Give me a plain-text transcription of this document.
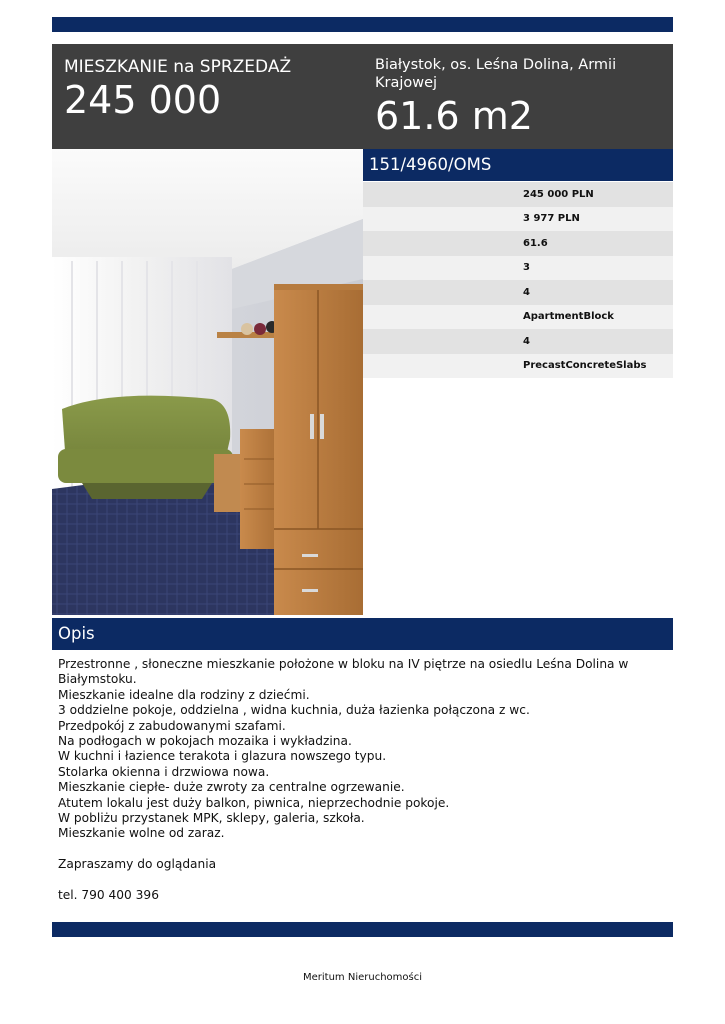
MIESZKANIE na SPRZEDAŻ
245 000
Białystok, os. Leśna Dolina, Armii Krajowej
61.6 m2
151/4960/OMS
245 000 PLN
3 977 PLN
61.6
3
4
ApartmentBlock
4
PrecastConcreteSlabs
Opis
Przestronne , słoneczne mieszkanie położone w bloku na IV piętrze na osiedlu Leśna Dolina w Białymstoku.
Mieszkanie idealne dla rodziny z dziećmi.
3 oddzielne pokoje, oddzielna , widna kuchnia, duża łazienka połączona z wc.
Przedpokój z zabudowanymi szafami.
Na podłogach w pokojach mozaika i wykładzina.
W kuchni i łazience terakota i glazura nowszego typu.
Stolarka okienna i drzwiowa nowa.
Mieszkanie ciepłe- duże zwroty za centralne ogrzewanie.
Atutem lokalu jest duży balkon, piwnica, nieprzechodnie pokoje.
W pobliżu przystanek MPK, sklepy, galeria, szkoła.
Mieszkanie wolne od zaraz.
Zapraszamy do oglądania
tel. 790 400 396
Meritum Nieruchomości
